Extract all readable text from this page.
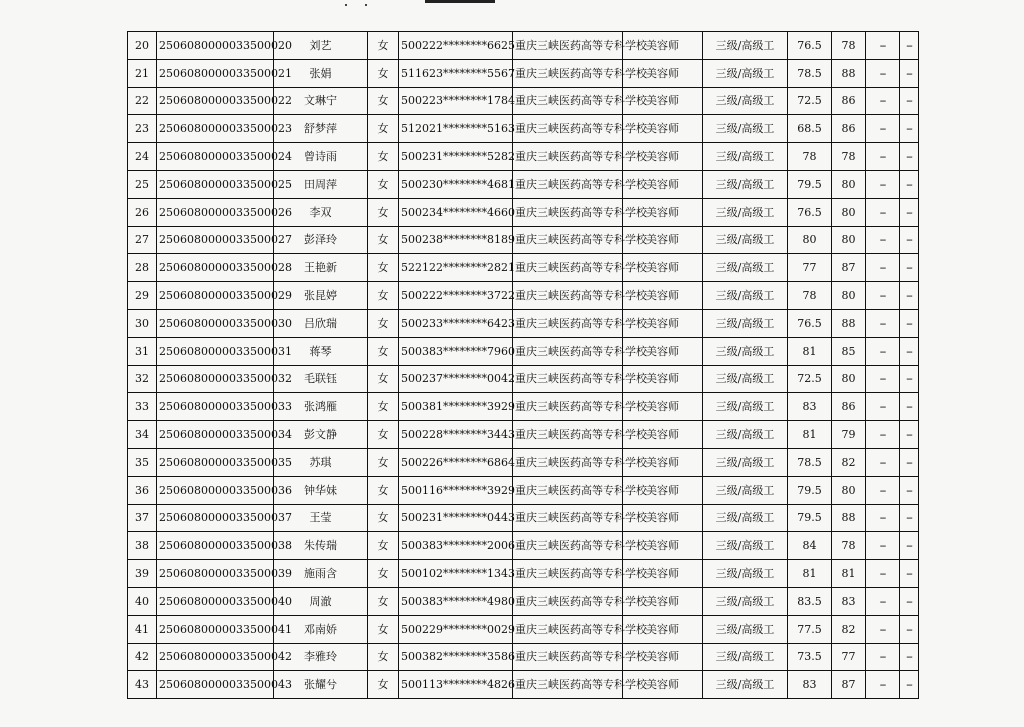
20	2506080000033500020	刘艺	女	500222********6625	重庆三峡医药高等专科学校	美容师	三级/高级工	76.5	78	--	--
21	2506080000033500021	张娟	女	511623********5567	重庆三峡医药高等专科学校	美容师	三级/高级工	78.5	88	--	--
22	2506080000033500022	文琳宁	女	500223********1784	重庆三峡医药高等专科学校	美容师	三级/高级工	72.5	86	--	--
23	2506080000033500023	舒梦萍	女	512021********5163	重庆三峡医药高等专科学校	美容师	三级/高级工	68.5	86	--	--
24	2506080000033500024	曾诗雨	女	500231********5282	重庆三峡医药高等专科学校	美容师	三级/高级工	78	78	--	--
25	2506080000033500025	田周萍	女	500230********4681	重庆三峡医药高等专科学校	美容师	三级/高级工	79.5	80	--	--
26	2506080000033500026	李双	女	500234********4660	重庆三峡医药高等专科学校	美容师	三级/高级工	76.5	80	--	--
27	2506080000033500027	彭泽玲	女	500238********8189	重庆三峡医药高等专科学校	美容师	三级/高级工	80	80	--	--
28	2506080000033500028	王艳新	女	522122********2821	重庆三峡医药高等专科学校	美容师	三级/高级工	77	87	--	--
29	2506080000033500029	张昆婷	女	500222********3722	重庆三峡医药高等专科学校	美容师	三级/高级工	78	80	--	--
30	2506080000033500030	吕欣瑞	女	500233********6423	重庆三峡医药高等专科学校	美容师	三级/高级工	76.5	88	--	--
31	2506080000033500031	蒋琴	女	500383********7960	重庆三峡医药高等专科学校	美容师	三级/高级工	81	85	--	--
32	2506080000033500032	毛联钰	女	500237********0042	重庆三峡医药高等专科学校	美容师	三级/高级工	72.5	80	--	--
33	2506080000033500033	张鸿雁	女	500381********3929	重庆三峡医药高等专科学校	美容师	三级/高级工	83	86	--	--
34	2506080000033500034	彭文静	女	500228********3443	重庆三峡医药高等专科学校	美容师	三级/高级工	81	79	--	--
35	2506080000033500035	苏琪	女	500226********6864	重庆三峡医药高等专科学校	美容师	三级/高级工	78.5	82	--	--
36	2506080000033500036	钟华妹	女	500116********3929	重庆三峡医药高等专科学校	美容师	三级/高级工	79.5	80	--	--
37	2506080000033500037	王莹	女	500231********0443	重庆三峡医药高等专科学校	美容师	三级/高级工	79.5	88	--	--
38	2506080000033500038	朱传瑞	女	500383********2006	重庆三峡医药高等专科学校	美容师	三级/高级工	84	78	--	--
39	2506080000033500039	施雨含	女	500102********1343	重庆三峡医药高等专科学校	美容师	三级/高级工	81	81	--	--
40	2506080000033500040	周澈	女	500383********4980	重庆三峡医药高等专科学校	美容师	三级/高级工	83.5	83	--	--
41	2506080000033500041	邓南娇	女	500229********0029	重庆三峡医药高等专科学校	美容师	三级/高级工	77.5	82	--	--
42	2506080000033500042	李雅玲	女	500382********3586	重庆三峡医药高等专科学校	美容师	三级/高级工	73.5	77	--	--
43	2506080000033500043	张耀兮	女	500113********4826	重庆三峡医药高等专科学校	美容师	三级/高级工	83	87	--	--
